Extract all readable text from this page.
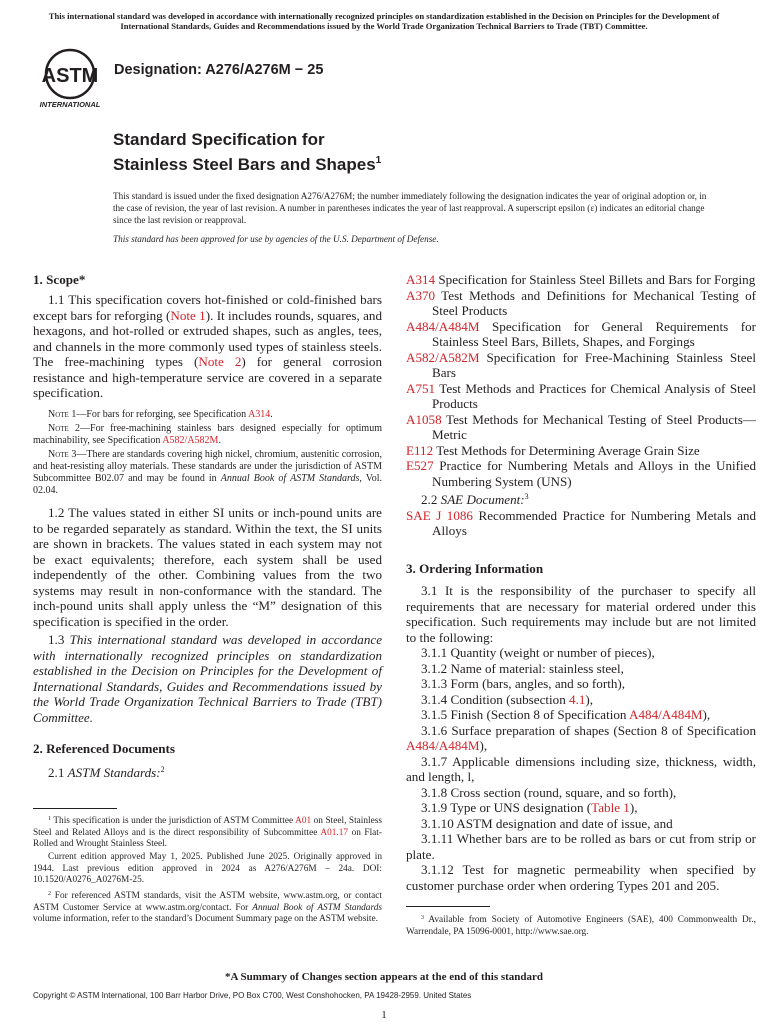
This international standard was developed in accordance with internationally recognized principles on standardization established in the Decision on Principles for the Development of International Standards, Guides and Recommendations issued by the World Trade Organization Technical Barriers to Trade (TBT) Committee.
ASTM
INTERNATIONAL
Designation: A276/A276M − 25
Standard Specification for
Stainless Steel Bars and Shapes$^1$
This standard is issued under the fixed designation A276/A276M; the number immediately following the designation indicates the year of original adoption or, in the case of revision, the year of last revision. A number in parentheses indicates the year of last reapproval. A superscript epsilon (ε) indicates an editorial change since the last revision or reapproval.
This standard has been approved for use by agencies of the U.S. Department of Defense.
1. Scope*
1.1 This specification covers hot-finished or cold-finished bars except bars for reforging (Note 1). It includes rounds, squares, and hexagons, and hot-rolled or extruded shapes, such as angles, tees, and channels in the more commonly used types of stainless steels. The free-machining types (Note 2) for general corrosion resistance and high-temperature service are covered in a separate specification.
Note 1—For bars for reforging, see Specification A314.
Note 2—For free-machining stainless bars designed especially for optimum machinability, see Specification A582/A582M.
Note 3—There are standards covering high nickel, chromium, austenitic corrosion, and heat-resisting alloy materials. These standards are under the jurisdiction of ASTM Subcommittee B02.07 and may be found in Annual Book of ASTM Standards, Vol. 02.04.
1.2 The values stated in either SI units or inch-pound units are to be regarded separately as standard. Within the text, the SI units are shown in brackets. The values stated in each system may not be exact equivalents; therefore, each system shall be used independently of the other. Combining values from the two systems may result in non-conformance with the standard. The inch-pound units shall apply unless the “M” designation of this specification is specified in the order.
1.3 This international standard was developed in accordance with internationally recognized principles on standardization established in the Decision on Principles for the Development of International Standards, Guides and Recommendations issued by the World Trade Organization Technical Barriers to Trade (TBT) Committee.
2. Referenced Documents
2.1 ASTM Standards:$^2$
$^1$ This specification is under the jurisdiction of ASTM Committee A01 on Steel, Stainless Steel and Related Alloys and is the direct responsibility of Subcommittee A01.17 on Flat-Rolled and Wrought Stainless Steel.
Current edition approved May 1, 2025. Published June 2025. Originally approved in 1944. Last previous edition approved in 2024 as A276/A276M – 24a. DOI: 10.1520/A0276_A0276M-25.
$^2$ For referenced ASTM standards, visit the ASTM website, www.astm.org, or contact ASTM Customer Service at www.astm.org/contact. For Annual Book of ASTM Standards volume information, refer to the standard’s Document Summary page on the ASTM website.
A314 Specification for Stainless Steel Billets and Bars for Forging
A370 Test Methods and Definitions for Mechanical Testing of Steel Products
A484/A484M Specification for General Requirements for Stainless Steel Bars, Billets, Shapes, and Forgings
A582/A582M Specification for Free-Machining Stainless Steel Bars
A751 Test Methods and Practices for Chemical Analysis of Steel Products
A1058 Test Methods for Mechanical Testing of Steel Products—Metric
E112 Test Methods for Determining Average Grain Size
E527 Practice for Numbering Metals and Alloys in the Unified Numbering System (UNS)
2.2 SAE Document:$^3$
SAE J 1086 Recommended Practice for Numbering Metals and Alloys
3. Ordering Information
3.1 It is the responsibility of the purchaser to specify all requirements that are necessary for material ordered under this specification. Such requirements may include but are not limited to the following:
3.1.1 Quantity (weight or number of pieces),
3.1.2 Name of material: stainless steel,
3.1.3 Form (bars, angles, and so forth),
3.1.4 Condition (subsection 4.1),
3.1.5 Finish (Section 8 of Specification A484/A484M),
3.1.6 Surface preparation of shapes (Section 8 of Specification A484/A484M),
3.1.7 Applicable dimensions including size, thickness, width, and length, l,
3.1.8 Cross section (round, square, and so forth),
3.1.9 Type or UNS designation (Table 1),
3.1.10 ASTM designation and date of issue, and
3.1.11 Whether bars are to be rolled as bars or cut from strip or plate.
3.1.12 Test for magnetic permeability when specified by customer purchase order when ordering Types 201 and 205.
$^3$ Available from Society of Automotive Engineers (SAE), 400 Commonwealth Dr., Warrendale, PA 15096-0001, http://www.sae.org.
*A Summary of Changes section appears at the end of this standard
Copyright © ASTM International, 100 Barr Harbor Drive, PO Box C700, West Conshohocken, PA 19428-2959. United States
1
